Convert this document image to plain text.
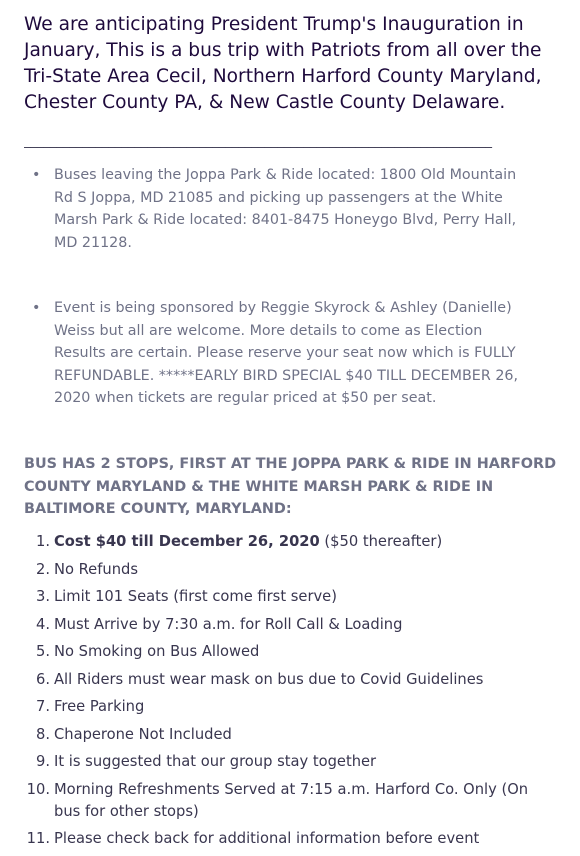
We are anticipating President Trump's Inauguration in January, This is a bus trip with Patriots from all over the Tri-State Area Cecil, Northern Harford County Maryland, Chester County PA, & New Castle County Delaware.

________________________________________________________________________
• Buses leaving the Joppa Park & Ride located: 1800 Old Mountain Rd S Joppa, MD 21085 and picking up passengers at the White Marsh Park & Ride located: 8401-8475 Honeygo Blvd, Perry Hall, MD 21128.
• Event is being sponsored by Reggie Skyrock & Ashley (Danielle) Weiss but all are welcome. More details to come as Election Results are certain. Please reserve your seat now which is FULLY REFUNDABLE. *****EARLY BIRD SPECIAL $40 TILL DECEMBER 26, 2020 when tickets are regular priced at $50 per seat.

BUS HAS 2 STOPS, FIRST AT THE JOPPA PARK & RIDE IN HARFORD COUNTY MARYLAND & THE WHITE MARSH PARK & RIDE IN BALTIMORE COUNTY, MARYLAND:

1. Cost $40 till December 26, 2020 ($50 thereafter)
2. No Refunds
3. Limit 101 Seats (first come first serve)
4. Must Arrive by 7:30 a.m. for Roll Call & Loading
5. No Smoking on Bus Allowed
6. All Riders must wear mask on bus due to Covid Guidelines
7. Free Parking
8. Chaperone Not Included
9. It is suggested that our group stay together
10. Morning Refreshments Served at 7:15 a.m. Harford Co. Only (On bus for other stops)
11. Please check back for additional information before event
